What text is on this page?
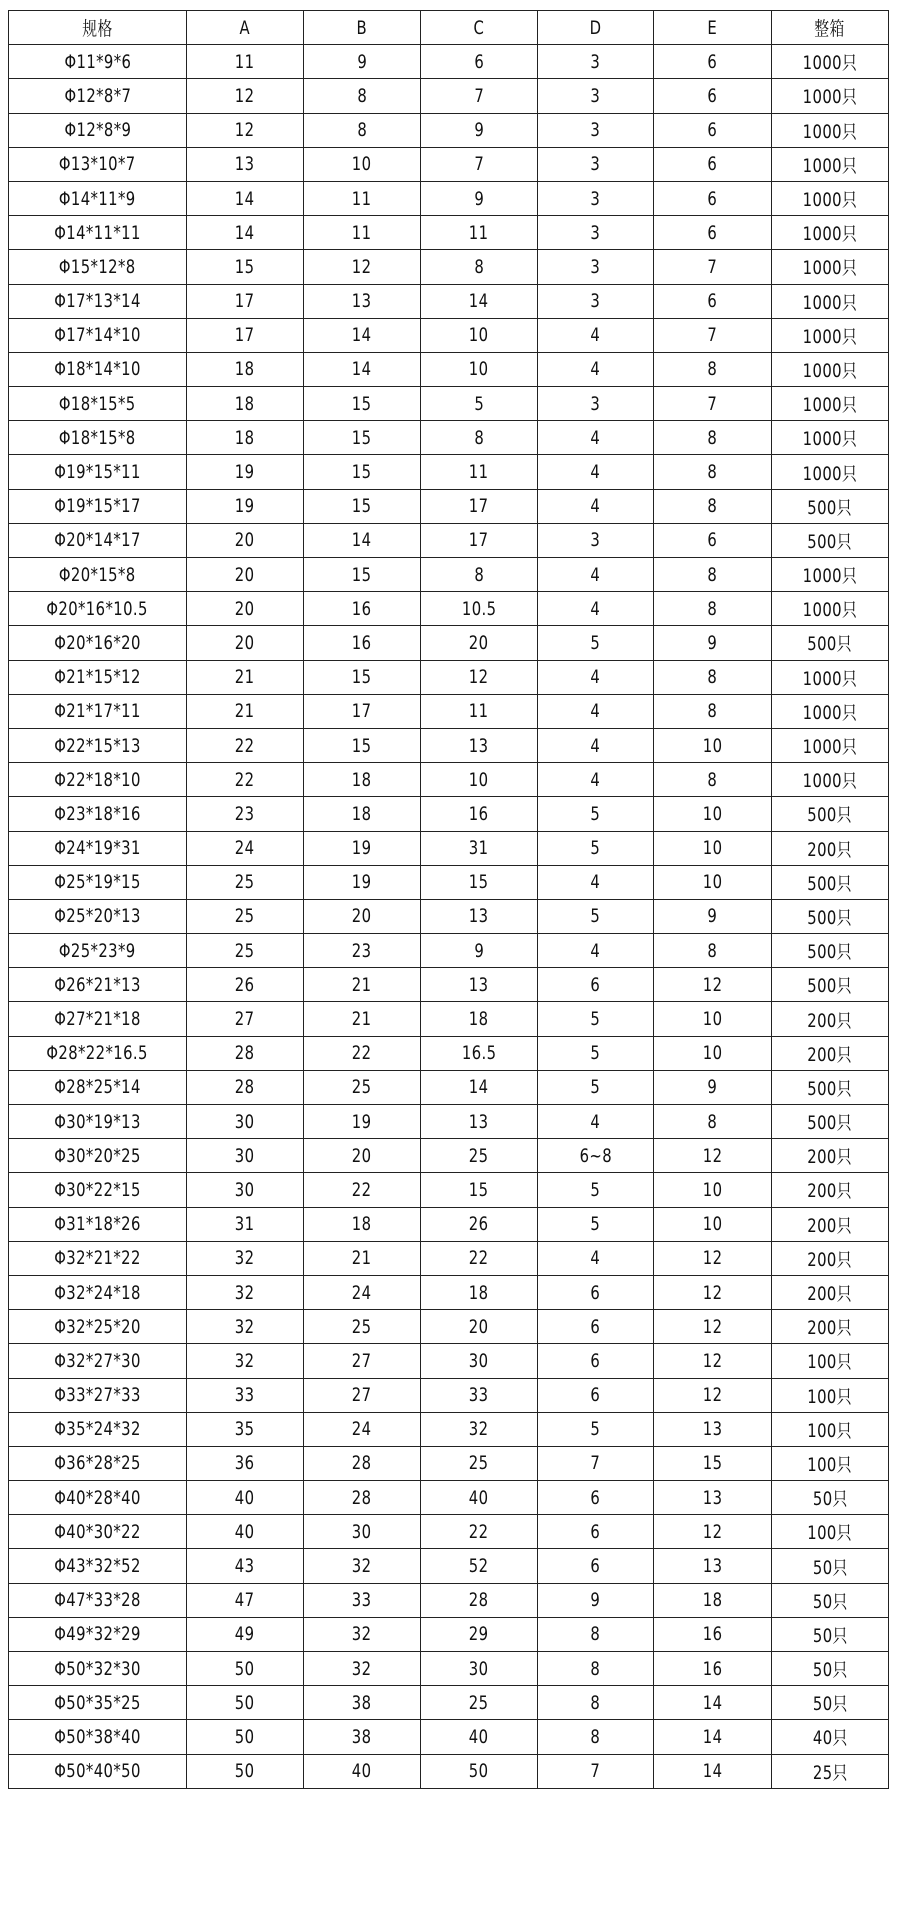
规格	A	B	C	D	E	整箱
Φ11*9*6	11	9	6	3	6	1000只
Φ12*8*7	12	8	7	3	6	1000只
Φ12*8*9	12	8	9	3	6	1000只
Φ13*10*7	13	10	7	3	6	1000只
Φ14*11*9	14	11	9	3	6	1000只
Φ14*11*11	14	11	11	3	6	1000只
Φ15*12*8	15	12	8	3	7	1000只
Φ17*13*14	17	13	14	3	6	1000只
Φ17*14*10	17	14	10	4	7	1000只
Φ18*14*10	18	14	10	4	8	1000只
Φ18*15*5	18	15	5	3	7	1000只
Φ18*15*8	18	15	8	4	8	1000只
Φ19*15*11	19	15	11	4	8	1000只
Φ19*15*17	19	15	17	4	8	500只
Φ20*14*17	20	14	17	3	6	500只
Φ20*15*8	20	15	8	4	8	1000只
Φ20*16*10.5	20	16	10.5	4	8	1000只
Φ20*16*20	20	16	20	5	9	500只
Φ21*15*12	21	15	12	4	8	1000只
Φ21*17*11	21	17	11	4	8	1000只
Φ22*15*13	22	15	13	4	10	1000只
Φ22*18*10	22	18	10	4	8	1000只
Φ23*18*16	23	18	16	5	10	500只
Φ24*19*31	24	19	31	5	10	200只
Φ25*19*15	25	19	15	4	10	500只
Φ25*20*13	25	20	13	5	9	500只
Φ25*23*9	25	23	9	4	8	500只
Φ26*21*13	26	21	13	6	12	500只
Φ27*21*18	27	21	18	5	10	200只
Φ28*22*16.5	28	22	16.5	5	10	200只
Φ28*25*14	28	25	14	5	9	500只
Φ30*19*13	30	19	13	4	8	500只
Φ30*20*25	30	20	25	6~8	12	200只
Φ30*22*15	30	22	15	5	10	200只
Φ31*18*26	31	18	26	5	10	200只
Φ32*21*22	32	21	22	4	12	200只
Φ32*24*18	32	24	18	6	12	200只
Φ32*25*20	32	25	20	6	12	200只
Φ32*27*30	32	27	30	6	12	100只
Φ33*27*33	33	27	33	6	12	100只
Φ35*24*32	35	24	32	5	13	100只
Φ36*28*25	36	28	25	7	15	100只
Φ40*28*40	40	28	40	6	13	50只
Φ40*30*22	40	30	22	6	12	100只
Φ43*32*52	43	32	52	6	13	50只
Φ47*33*28	47	33	28	9	18	50只
Φ49*32*29	49	32	29	8	16	50只
Φ50*32*30	50	32	30	8	16	50只
Φ50*35*25	50	38	25	8	14	50只
Φ50*38*40	50	38	40	8	14	40只
Φ50*40*50	50	40	50	7	14	25只
